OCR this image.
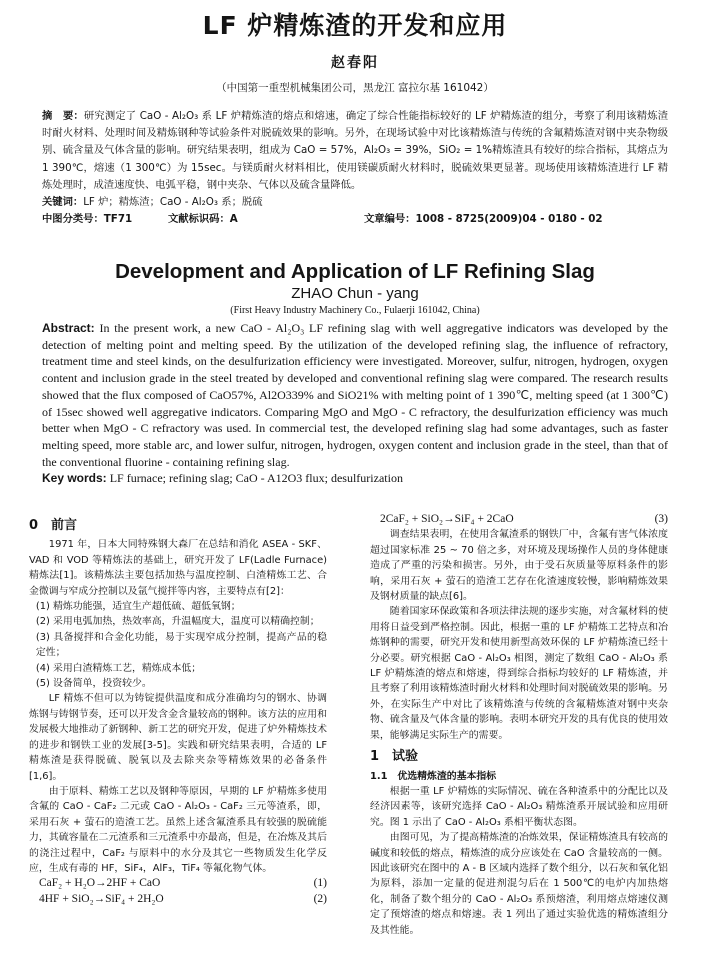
LF 炉精炼渣的开发和应用
赵春阳
（中国第一重型机械集团公司，黑龙江 富拉尔基 161042）

摘　要：研究测定了 CaO - Al₂O₃ 系 LF 炉精炼渣的熔点和熔速，确定了综合性能指标较好的 LF 炉精炼渣的组分，考察了利用该精炼渣时耐火材料、处理时间及精炼钢种等试验条件对脱硫效果的影响。另外，在现场试验中对比该精炼渣与传统的含氟精炼渣对钢中夹杂物级别、硫含量及气体含量的影响。研究结果表明，组成为 CaO = 57%，Al₂O₃ = 39%，SiO₂ = 1%精炼渣具有较好的综合指标，其熔点为 1 390℃，熔速（1 300℃）为 15sec。与镁质耐火材料相比，使用镁碳质耐火材料时，脱硫效果更显著。现场使用该精炼渣进行 LF 精炼处理时，成渣速度快、电弧平稳，钢中夹杂、气体以及硫含量降低。

关键词：LF 炉；精炼渣；CaO - Al₂O₃ 系；脱硫

中图分类号：TF71	文献标识码：A	文章编号：1008 - 8725(2009)04 - 0180 - 02
Development and Application of LF Refining Slag
ZHAO Chun - yang
(First Heavy Industry Machinery Co., Fulaerji 161042, China)

Abstract: In the present work, a new CaO - Al₂O₃ LF refining slag with well aggregative indicators was developed by the detection of melting point and melting speed. By the utilization of the developed refining slag, the influence of refractory, treatment time and steel kinds, on the desulfurization efficiency were investigated. Moreover, sulfur, nitrogen, hydrogen, oxygen content and inclusion grade in the steel treated by developed and conventional refining slag were compared. The research results showed that the flux composed of CaO57%, Al2O339% and SiO21% with melting point of 1 390℃, melting speed (at 1 300℃) of 15sec showed well aggregative indicators. Comparing MgO and MgO - C refractory, the desulfurization efficiency was much better when MgO - C refractory was used. In commercial test, the developed refining slag had some advantages, such as faster melting speed, more stable arc, and lower sulfur, nitrogen, hydrogen, oxygen content and inclusion grade in the steel, than that of the conventional fluorine - containing refining slag.

Key words: LF furnace; refining slag; CaO - A12O3 flux; desulfurization

0　前言

1971 年，日本大同特殊钢大森厂在总结和消化 ASEA - SKF、VAD 和 VOD 等精炼法的基础上，研究开发了 LF(Ladle Furnace) 精炼法[1]。该精炼法主要包括加热与温度控制、白渣精炼工艺、合金微调与窄成分控制以及氩气搅拌等内容，主要特点有[2]：

(1) 精炼功能强，适宜生产超低硫、超低氧钢；

(2) 采用电弧加热，热效率高，升温幅度大，温度可以精确控制；

(3) 具备搅拌和合金化功能，易于实现窄成分控制，提高产品的稳定性；

(4) 采用白渣精炼工艺，精炼成本低；

(5) 设备简单，投资较少。

LF 精炼不但可以为铸锭提供温度和成分准确均匀的钢水、协调炼钢与铸钢节奏，还可以开发含金含量较高的钢种。该方法的应用和发展极大地推动了新钢种、新工艺的研究开发，促进了炉外精炼技术的进步和钢铁工业的发展[3-5]。实践和研究结果表明，合适的 LF 精炼渣是获得脱硫、脱氧以及去除夹杂等精炼效果的必备条件[1,6]。

由于原料、精炼工艺以及钢种等原因，早期的 LF 炉精炼多使用含氟的 CaO - CaF₂ 二元或 CaO - Al₂O₃ - CaF₂ 三元等渣系，即，采用石灰 + 萤石的造渣工艺。虽然上述含氟渣系具有较强的脱硫能力，其硫容量在二元渣系和三元渣系中亦最高，但是，在冶炼及其后的浇注过程中，CaF₂ 与原料中的水分及其它一些物质发生化学反应，生成有毒的 HF，SiF₄，AlF₃，TiF₄ 等氟化物气体。

CaF₂ + H₂O→2HF + CaO	(1)
4HF + SiO₂→SiF₄ + 2H₂O	(2)
2CaF₂ + SiO₂→SiF₄ + 2CaO	(3)

调查结果表明，在使用含氟渣系的钢铁厂中，含氟有害气体浓度超过国家标准 25 ~ 70 倍之多，对环境及现场操作人员的身体健康造成了严重的污染和损害。另外，由于受石灰质量等原料条件的影响，采用石灰 + 萤石的造渣工艺存在化渣速度较慢，影响精炼效果及钢材质量的缺点[6]。

随着国家环保政策和各项法律法规的逐步实施，对含氟材料的使用将日益受到严格控制。因此，根据一重的 LF 炉精炼工艺特点和冶炼钢种的需要，研究开发和使用新型高效环保的 LF 炉精炼渣已经十分必要。研究根据 CaO - Al₂O₃ 相图，测定了数组 CaO - Al₂O₃ 系 LF 炉精炼渣的熔点和熔速，得到综合指标均较好的 LF 精炼渣，并且考察了利用该精炼渣时耐火材料和处理时间对脱硫效果的影响。另外，在实际生产中对比了该精炼渣与传统的含氟精炼渣对钢中夹杂物、硫含量及气体含量的影响。表明本研究开发的具有优良的使用效果，能够满足实际生产的需要。

1　试验

1.1　优选精炼渣的基本指标

根据一重 LF 炉精炼的实际情况、硫在各种渣系中的分配比以及经济因素等，该研究选择 CaO - Al₂O₃ 精炼渣系开展试验和应用研究。图 1 示出了 CaO - Al₂O₃ 系相平衡状态图。

由图可见，为了提高精炼渣的冶炼效果，保证精炼渣具有较高的碱度和较低的熔点，精炼渣的成分应该处在 CaO 含量较高的一侧。因此该研究在图中的 A - B 区域内选择了数个组分，以石灰和氧化铝为原料，添加一定量的促进剂混匀后在 1 500℃的电炉内加热熔化，制备了数个组分的 CaO - Al₂O₃ 系预熔渣，利用熔点熔速仪测定了预熔渣的熔点和熔速。表 1 列出了通过实验优选的精炼渣组分及其性能。
